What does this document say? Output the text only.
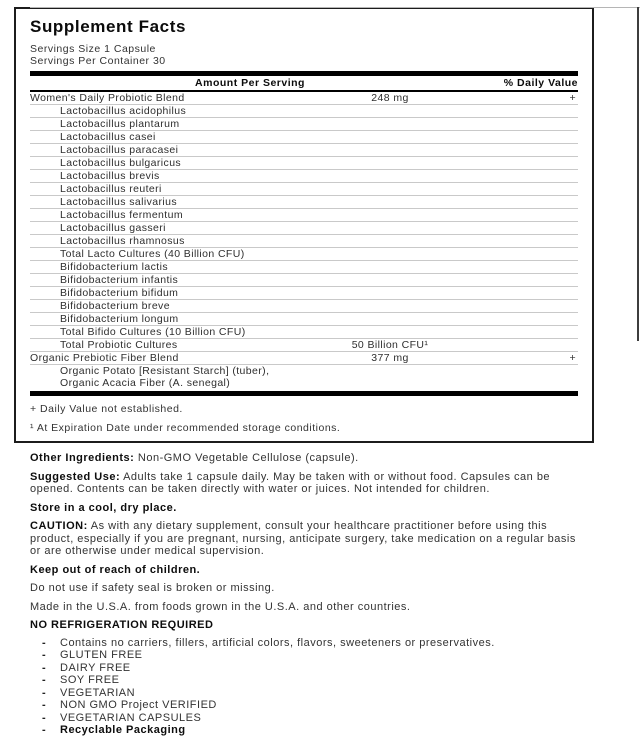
Supplement Facts
Servings Size 1 Capsule
Servings Per Container 30
Amount Per Serving	% Daily Value
Women's Daily Probiotic Blend	248 mg	+
Lactobacillus acidophilus
Lactobacillus plantarum
Lactobacillus casei
Lactobacillus paracasei
Lactobacillus bulgaricus
Lactobacillus brevis
Lactobacillus reuteri
Lactobacillus salivarius
Lactobacillus fermentum
Lactobacillus gasseri
Lactobacillus rhamnosus
Total Lacto Cultures (40 Billion CFU)
Bifidobacterium lactis
Bifidobacterium infantis
Bifidobacterium bifidum
Bifidobacterium breve
Bifidobacterium longum
Total Bifido Cultures (10 Billion CFU)
Total Probiotic Cultures	50 Billion CFU¹
Organic Prebiotic Fiber Blend	377 mg	+
Organic Potato [Resistant Starch] (tuber),
Organic Acacia Fiber (A. senegal)
+ Daily Value not established.
¹ At Expiration Date under recommended storage conditions.
Other Ingredients: Non-GMO Vegetable Cellulose (capsule).
Suggested Use: Adults take 1 capsule daily. May be taken with or without food. Capsules can be opened. Contents can be taken directly with water or juices. Not intended for children.
Store in a cool, dry place.
CAUTION: As with any dietary supplement, consult your healthcare practitioner before using this product, especially if you are pregnant, nursing, anticipate surgery, take medication on a regular basis or are otherwise under medical supervision.
Keep out of reach of children.
Do not use if safety seal is broken or missing.
Made in the U.S.A. from foods grown in the U.S.A. and other countries.
NO REFRIGERATION REQUIRED
-	Contains no carriers, fillers, artificial colors, flavors, sweeteners or preservatives.
-	GLUTEN FREE
-	DAIRY FREE
-	SOY FREE
-	VEGETARIAN
-	NON GMO Project VERIFIED
-	VEGETARIAN CAPSULES
-	Recyclable Packaging
